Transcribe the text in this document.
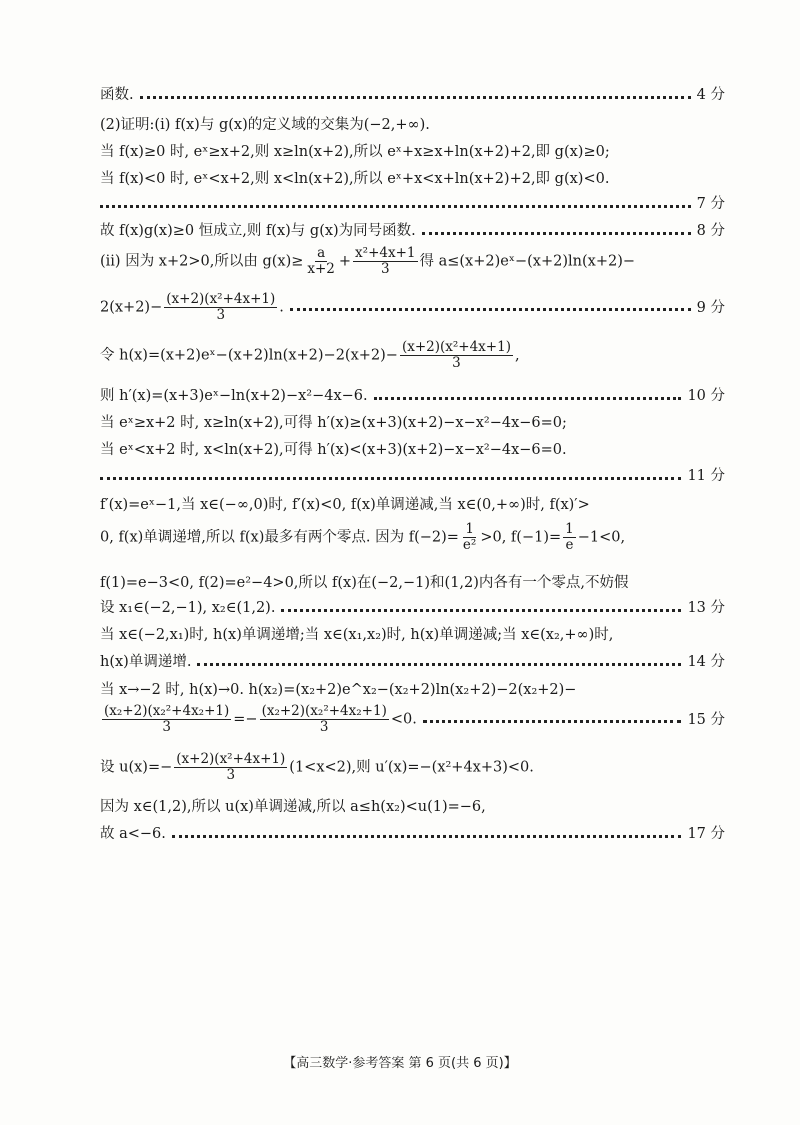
函数.	4 分
(2)证明:(ⅰ) f(x)与 g(x)的定义域的交集为(−2,+∞).
当 f(x)≥0 时, eˣ≥x+2,则 x≥ln(x+2),所以 eˣ+x≥x+ln(x+2)+2,即 g(x)≥0;
当 f(x)<0 时, eˣ<x+2,则 x<ln(x+2),所以 eˣ+x<x+ln(x+2)+2,即 g(x)<0.
7 分
故 f(x)g(x)≥0 恒成立,则 f(x)与 g(x)为同号函数.	8 分
(ⅱ) 因为 x+2>0,所以由 $g(x)\ge \frac{a}{x+2} + \frac{\text{x²+4x+1}}{3}$ 得 a≤(x+2)eˣ−(x+2)ln(x+2)−
$2(x+2)- \frac{\text{(x+2)(x²+4x+1)}}{3}$ .	9 分
令 h(x)=(x+2)eˣ−(x+2)ln(x+2)−2(x+2)− $\frac{\text{(x+2)(x²+4x+1)}}{3}$ ,
则 h′(x)=(x+3)eˣ−ln(x+2)−x²−4x−6.	10 分
当 eˣ≥x+2 时, x≥ln(x+2),可得 h′(x)≥(x+3)(x+2)−x−x²−4x−6=0;
当 eˣ<x+2 时, x<ln(x+2),可得 h′(x)<(x+3)(x+2)−x−x²−4x−6=0.
11 分
f′(x)=eˣ−1,当 x∈(−∞,0)时, f′(x)<0, f(x)单调递减,当 x∈(0,+∞)时, f(x)′>
0, f(x)单调递增,所以 f(x)最多有两个零点. 因为 $f(-2)= \frac{1}{\text{e²}} >0$, $f(-1)= \frac{1}{e} -1<0$,
f(1)=e−3<0, f(2)=e²−4>0,所以 f(x)在(−2,−1)和(1,2)内各有一个零点,不妨假
设 x₁∈(−2,−1), x₂∈(1,2).	13 分
当 x∈(−2,x₁)时, h(x)单调递增;当 x∈(x₁,x₂)时, h(x)单调递减;当 x∈(x₂,+∞)时,
h(x)单调递增.	14 分
当 x→−2 时, h(x)→0. h(x₂)=(x₂+2)e^x₂−(x₂+2)ln(x₂+2)−2(x₂+2)−
$\frac{\text{(x₂+2)(x₂²+4x₂+1)}}{3} =- \frac{\text{(x₂+2)(x₂²+4x₂+1)}}{3} <0$.	15 分
设 $u(x)=- \frac{\text{(x+2)(x²+4x+1)}}{3} (1<x<2)$,则 u′(x)=−(x²+4x+3)<0.
因为 x∈(1,2),所以 u(x)单调递减,所以 a≤h(x₂)<u(1)=−6,
故 a<−6.	17 分
【高三数学·参考答案 第 6 页(共 6 页)】
